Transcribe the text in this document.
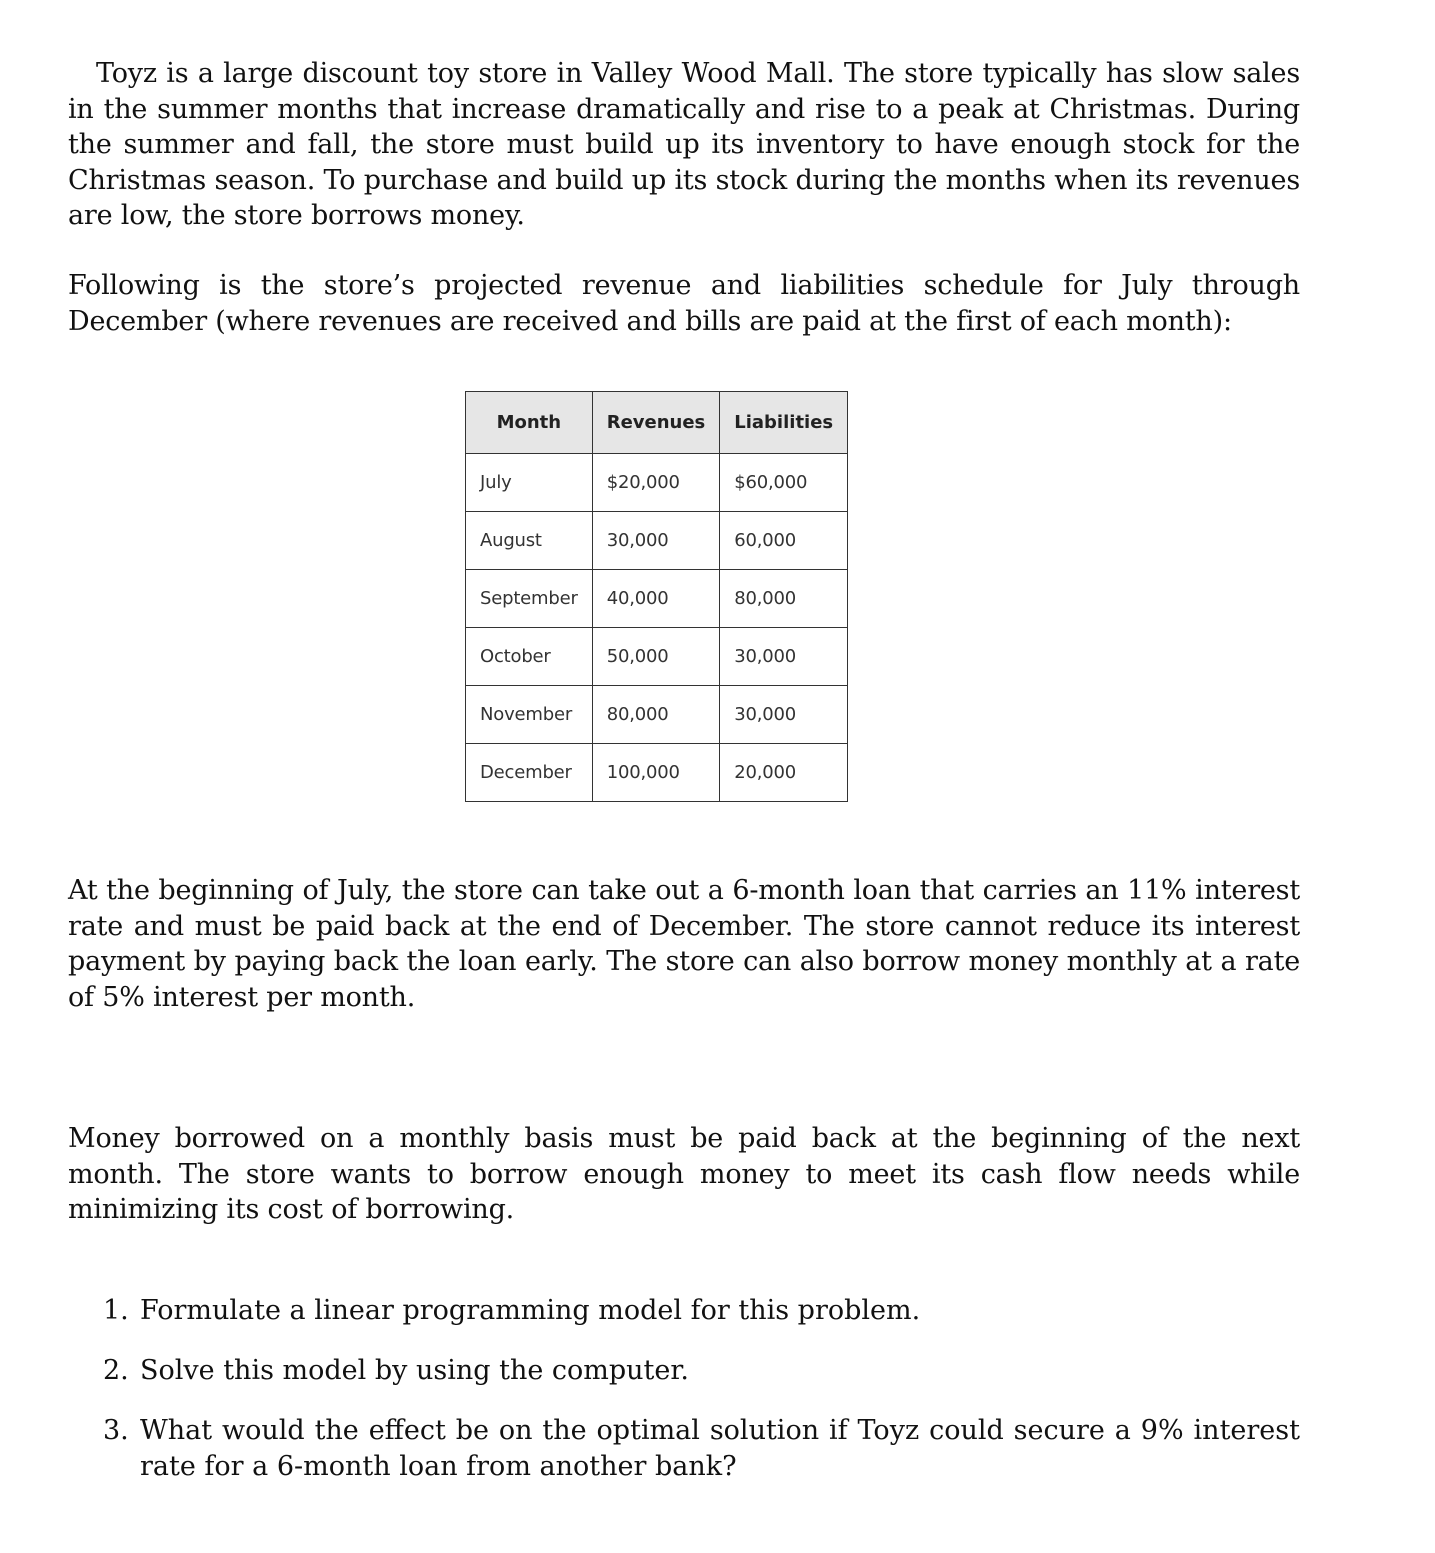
Toyz is a large discount toy store in Valley Wood Mall. The store typically has slow sales in the summer months that increase dramatically and rise to a peak at Christmas. During the summer and fall, the store must build up its inventory to have enough stock for the Christmas season. To purchase and build up its stock during the months when its revenues are low, the store borrows money.

Following is the store’s projected revenue and liabilities schedule for July through December (where revenues are received and bills are paid at the first of each month):

Month	Revenues	Liabilities
July	$20,000	$60,000
August	30,000	60,000
September	40,000	80,000
October	50,000	30,000
November	80,000	30,000
December	100,000	20,000

At the beginning of July, the store can take out a 6-month loan that carries an 11% interest rate and must be paid back at the end of December. The store cannot reduce its interest payment by paying back the loan early. The store can also borrow money monthly at a rate of 5% interest per month.

Money borrowed on a monthly basis must be paid back at the beginning of the next month. The store wants to borrow enough money to meet its cash flow needs while minimizing its cost of borrowing.

1. Formulate a linear programming model for this problem.
2. Solve this model by using the computer.
3. What would the effect be on the optimal solution if Toyz could secure a 9% interest rate for a 6-month loan from another bank?
